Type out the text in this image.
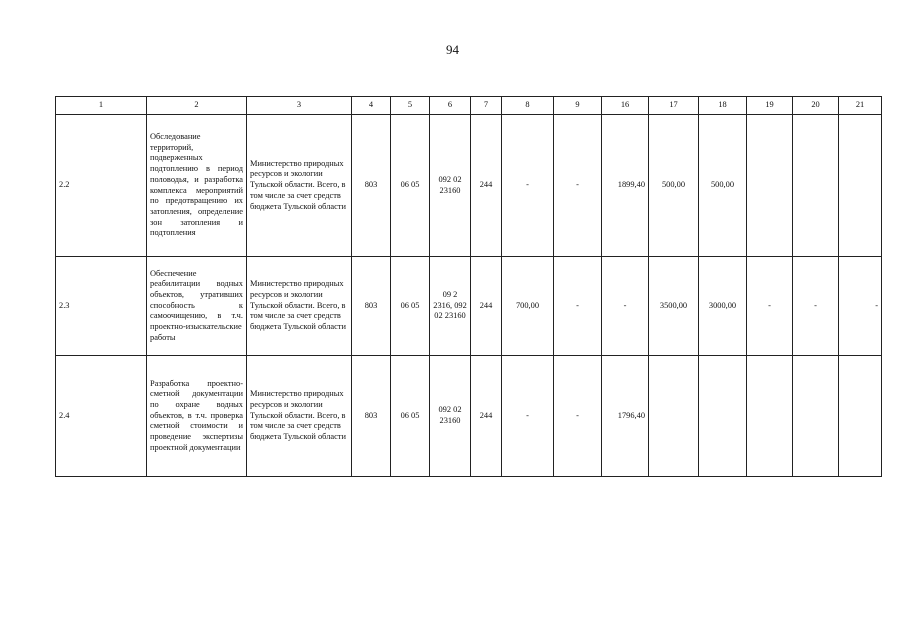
94
1	2	3	4	5	6	7	8	9	16	17	18	19	20	21
2.2	Обследование территорий, подверженных подтоплению в период половодья, и разработка комплекса мероприятий по предотвращению их затопления, определение зон затопления и подтопления	Министерство природных ресурсов и экологии Тульской области. Всего, в том числе за счет средств бюджета Тульской области	803	06 05	092 02 23160	244	-	-	1899,40	500,00	500,00			
2.3	Обеспечение реабилитации водных объектов, утративших способность к самоочищению, в т.ч. проектно-изыскательские работы	Министерство природных ресурсов и экологии Тульской области. Всего, в том числе за счет средств бюджета Тульской области	803	06 05	09 2 2316, 092 02 23160	244	700,00	-	-	3500,00	3000,00	-	-	-
2.4	Разработка проектно-сметной документации по охране водных объектов, в т.ч. проверка сметной стоимости и проведение экспертизы проектной документации	Министерство природных ресурсов и экологии Тульской области. Всего, в том числе за счет средств бюджета Тульской области	803	06 05	092 02 23160	244	-	-	1796,40					
